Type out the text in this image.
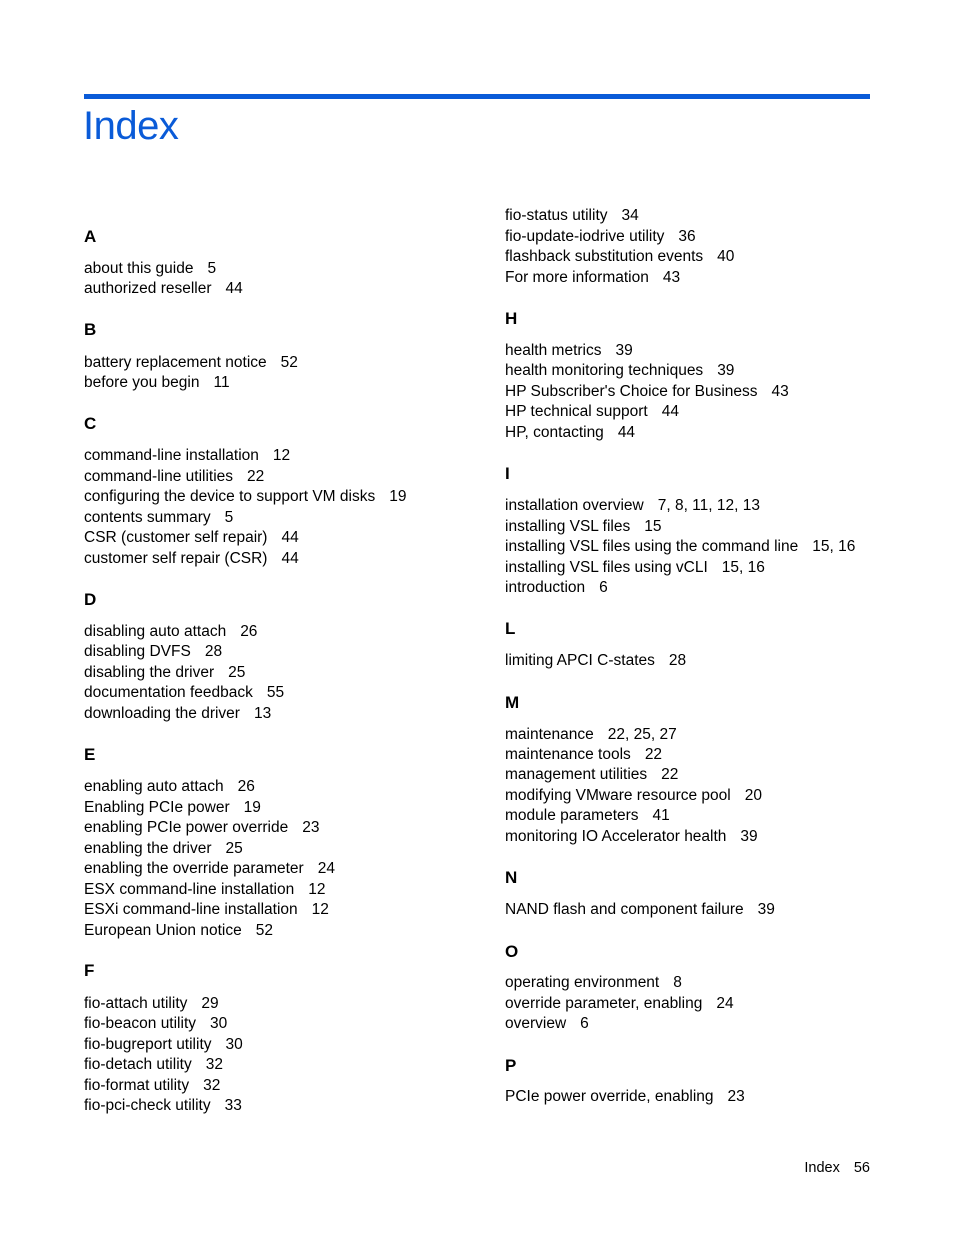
Index
A
about this guide 5
authorized reseller 44
B
battery replacement notice 52
before you begin 11
C
command-line installation 12
command-line utilities 22
configuring the device to support VM disks 19
contents summary 5
CSR (customer self repair) 44
customer self repair (CSR) 44
D
disabling auto attach 26
disabling DVFS 28
disabling the driver 25
documentation feedback 55
downloading the driver 13
E
enabling auto attach 26
Enabling PCIe power 19
enabling PCIe power override 23
enabling the driver 25
enabling the override parameter 24
ESX command-line installation 12
ESXi command-line installation 12
European Union notice 52
F
fio-attach utility 29
fio-beacon utility 30
fio-bugreport utility 30
fio-detach utility 32
fio-format utility 32
fio-pci-check utility 33
fio-status utility 34
fio-update-iodrive utility 36
flashback substitution events 40
For more information 43
H
health metrics 39
health monitoring techniques 39
HP Subscriber's Choice for Business 43
HP technical support 44
HP, contacting 44
I
installation overview 7, 8, 11, 12, 13
installing VSL files 15
installing VSL files using the command line 15, 16
installing VSL files using vCLI 15, 16
introduction 6
L
limiting APCI C-states 28
M
maintenance 22, 25, 27
maintenance tools 22
management utilities 22
modifying VMware resource pool 20
module parameters 41
monitoring IO Accelerator health 39
N
NAND flash and component failure 39
O
operating environment 8
override parameter, enabling 24
overview 6
P
PCIe power override, enabling 23
Index 56
